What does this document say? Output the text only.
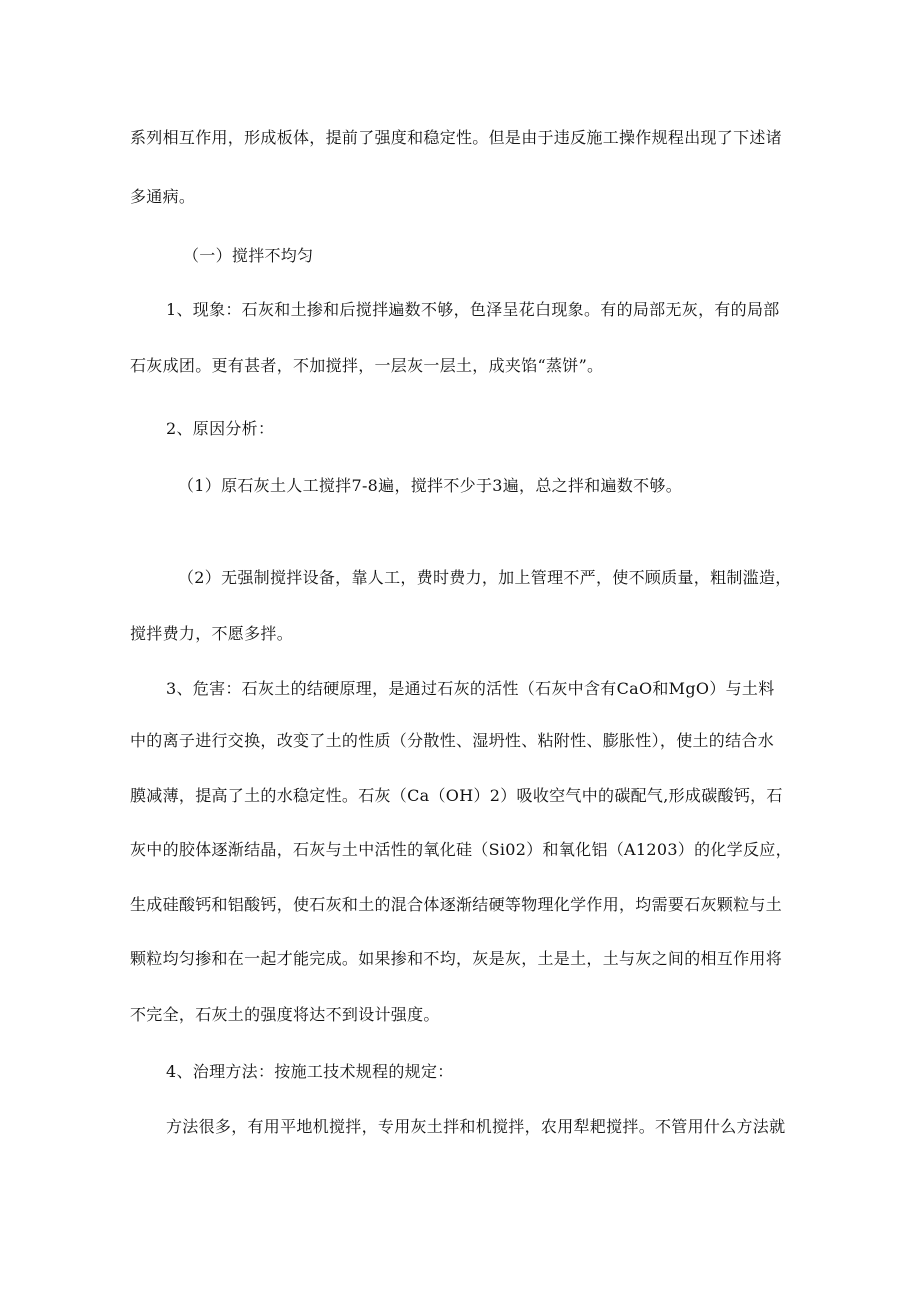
系列相互作用，形成板体，提前了强度和稳定性。但是由于违反施工操作规程出现了下述诸
多通病。
（一）搅拌不均匀
1、现象：石灰和土掺和后搅拌遍数不够，色泽呈花白现象。有的局部无灰，有的局部
石灰成团。更有甚者，不加搅拌，一层灰一层土，成夹馅“蒸饼”。
2、原因分析：
（1）原石灰土人工搅拌7-8遍，搅拌不少于3遍，总之拌和遍数不够。
（2）无强制搅拌设备，靠人工，费时费力，加上管理不严，使不顾质量，粗制滥造，
搅拌费力，不愿多拌。
3、危害：石灰土的结硬原理，是通过石灰的活性（石灰中含有CaO和MgO）与土料
中的离子进行交换，改变了土的性质（分散性、湿坍性、粘附性、膨胀性），使土的结合水
膜减薄，提高了土的水稳定性。石灰（Ca（OH）2）吸收空气中的碳配气,形成碳酸钙，石
灰中的胶体逐渐结晶，石灰与土中活性的氧化硅（Si02）和氧化铝（A1203）的化学反应，
生成硅酸钙和铝酸钙，使石灰和土的混合体逐渐结硬等物理化学作用，均需要石灰颗粒与土
颗粒均匀掺和在一起才能完成。如果掺和不均，灰是灰，土是土，土与灰之间的相互作用将
不完全，石灰土的强度将达不到设计强度。
4、治理方法：按施工技术规程的规定：
方法很多，有用平地机搅拌，专用灰土拌和机搅拌，农用犁耙搅拌。不管用什么方法就
